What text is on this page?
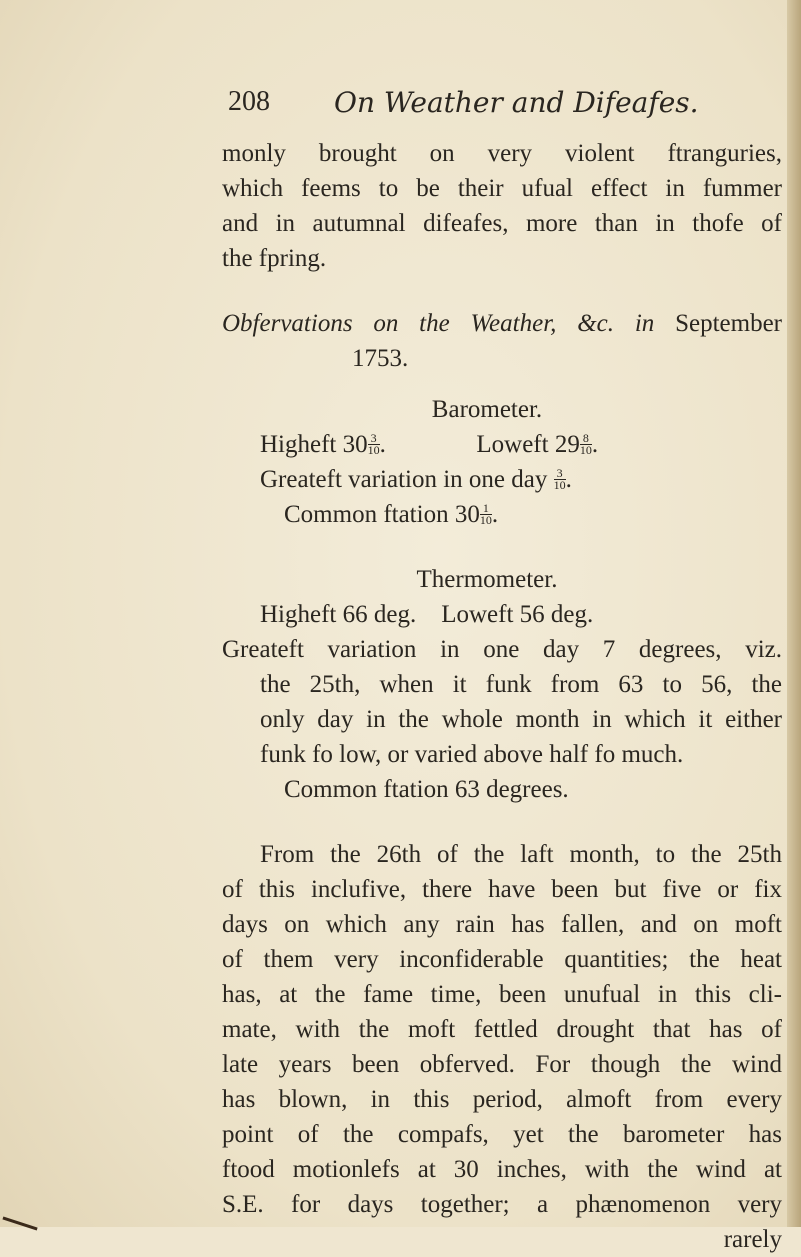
208 On Weather and Difeafes.
monly brought on very violent ftranguries,
which feems to be their ufual effect in fummer
and in autumnal difeafes, more than in thofe of
the fpring.
Obfervations on the Weather, &c. in September
1753.
Barometer.
Higheft $30 \frac{3}{10}$ .	Loweft $29 \frac{8}{10}$ .
Greateft variation in one day $\frac{3}{10}$ .
Common ftation $30 \frac{1}{10}$ .
Thermometer.
Higheft 66 deg.    Loweft 56 deg.
Greateft variation in one day 7 degrees, viz.
the 25th, when it funk from 63 to 56, the
only day in the whole month in which it either
funk fo low, or varied above half fo much.
Common ftation 63 degrees.
From the 26th of the laft month, to the 25th
of this inclufive, there have been but five or fix
days on which any rain has fallen, and on moft
of them very inconfiderable quantities; the heat
has, at the fame time, been unufual in this cli-
mate, with the moft fettled drought that has of
late years been obferved. For though the wind
has blown, in this period, almoft from every
point of the compafs, yet the barometer has
ftood motionlefs at 30 inches, with the wind at
S.E. for days together; a phænomenon very
rarely
